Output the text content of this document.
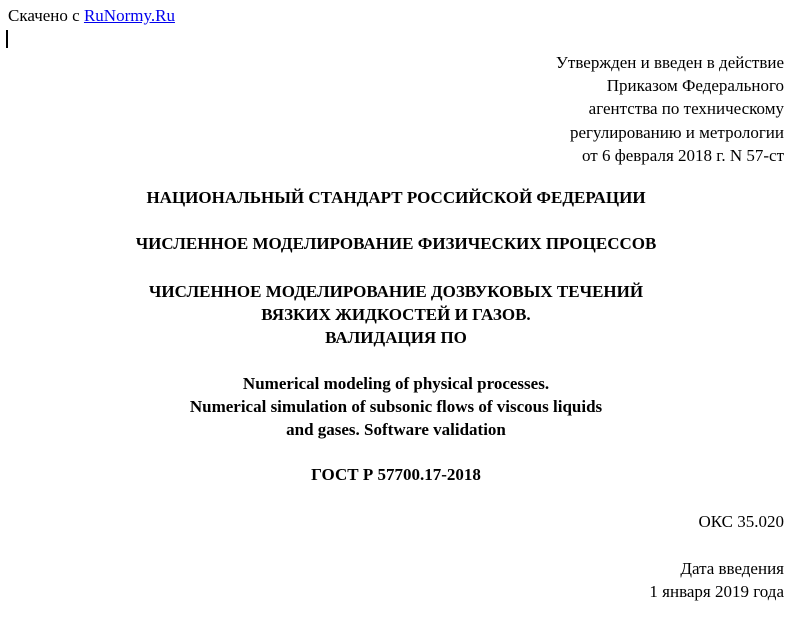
Скачено с RuNormy.Ru
Утвержден и введен в действие
Приказом Федерального
агентства по техническому
регулированию и метрологии
от 6 февраля 2018 г. N 57-ст
НАЦИОНАЛЬНЫЙ СТАНДАРТ РОССИЙСКОЙ ФЕДЕРАЦИИ
ЧИСЛЕННОЕ МОДЕЛИРОВАНИЕ ФИЗИЧЕСКИХ ПРОЦЕССОВ
ЧИСЛЕННОЕ МОДЕЛИРОВАНИЕ ДОЗВУКОВЫХ ТЕЧЕНИЙ
ВЯЗКИХ ЖИДКОСТЕЙ И ГАЗОВ.
ВАЛИДАЦИЯ ПО
Numerical modeling of physical processes.
Numerical simulation of subsonic flows of viscous liquids
and gases. Software validation
ГОСТ Р 57700.17-2018
ОКС 35.020
Дата введения
1 января 2019 года
